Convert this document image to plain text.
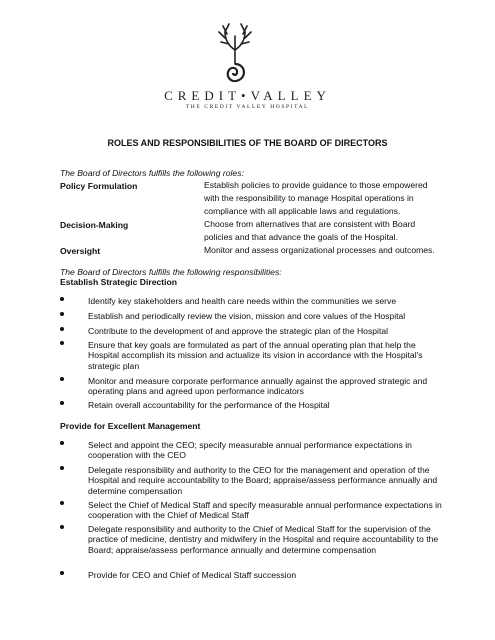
CREDIT•VALLEY
THE CREDIT VALLEY HOSPITAL
ROLES AND RESPONSIBILITIES OF THE BOARD OF DIRECTORS
The Board of Directors fulfills the following roles:
Policy Formulation	Establish policies to provide guidance to those empowered with the responsibility to manage Hospital operations in compliance with all applicable laws and regulations.
Decision-Making	Choose from alternatives that are consistent with Board policies and that advance the goals of the Hospital.
Oversight	Monitor and assess organizational processes and outcomes.
The Board of Directors fulfills the following responsibilities:
Establish Strategic Direction
Identify key stakeholders and health care needs within the communities we serve
Establish and periodically review the vision, mission and core values of the Hospital
Contribute to the development of and approve the strategic plan of the Hospital
Ensure that key goals are formulated as part of the annual operating plan that help the Hospital accomplish its mission and actualize its vision in accordance with the Hospital's strategic plan
Monitor and measure corporate performance annually against the approved strategic and operating plans and agreed upon performance indicators
Retain overall accountability for the performance of the Hospital
Provide for Excellent Management
Select and appoint the CEO; specify measurable annual performance expectations in cooperation with the CEO
Delegate responsibility and authority to the CEO for the management and operation of the Hospital and require accountability to the Board; appraise/assess performance annually and determine compensation
Select the Chief of Medical Staff and specify measurable annual performance expectations in cooperation with the Chief of Medical Staff
Delegate responsibility and authority to the Chief of Medical Staff for the supervision of the practice of medicine, dentistry and midwifery in the Hospital and require accountability to the Board; appraise/assess performance annually and determine compensation
Provide for CEO and Chief of Medical Staff succession
